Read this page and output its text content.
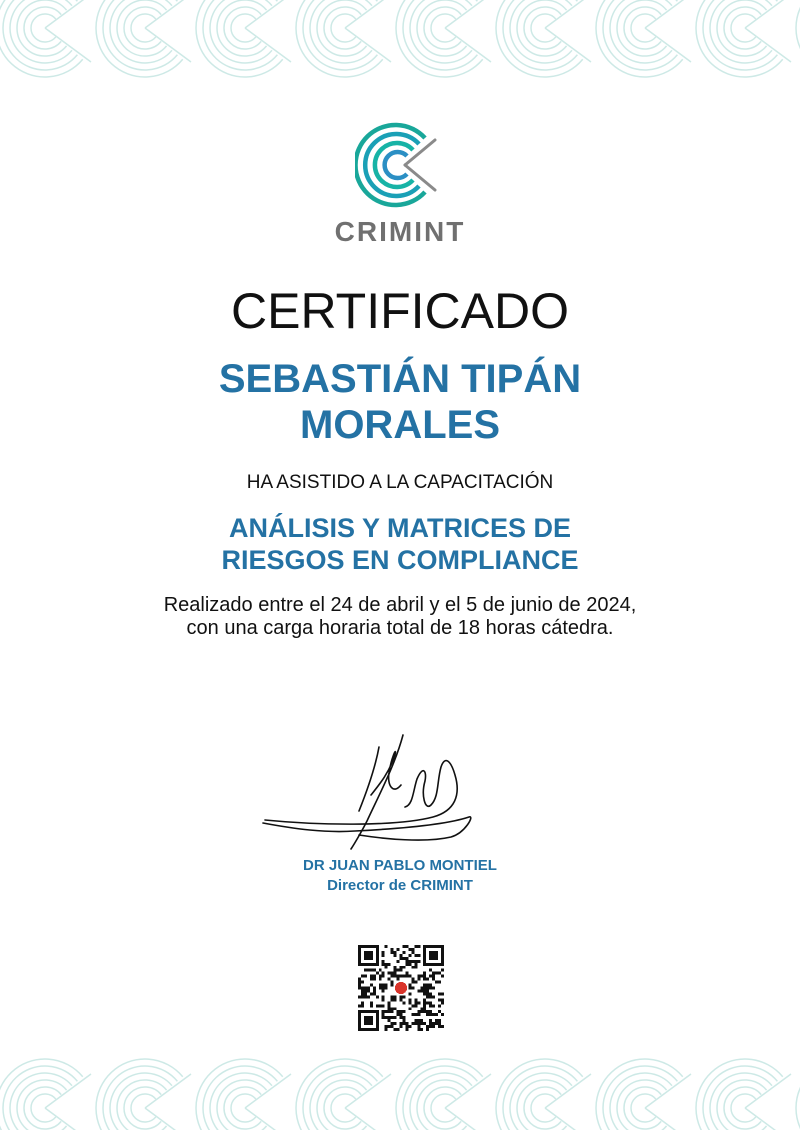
CRIMINT
CERTIFICADO
SEBASTIÁN TIPÁN
MORALES
HA ASISTIDO A LA CAPACITACIÓN
ANÁLISIS Y MATRICES DE
RIESGOS EN COMPLIANCE
Realizado entre el 24 de abril y el 5 de junio de 2024,
con una carga horaria total de 18 horas cátedra.
DR JUAN PABLO MONTIEL
Director de CRIMINT
